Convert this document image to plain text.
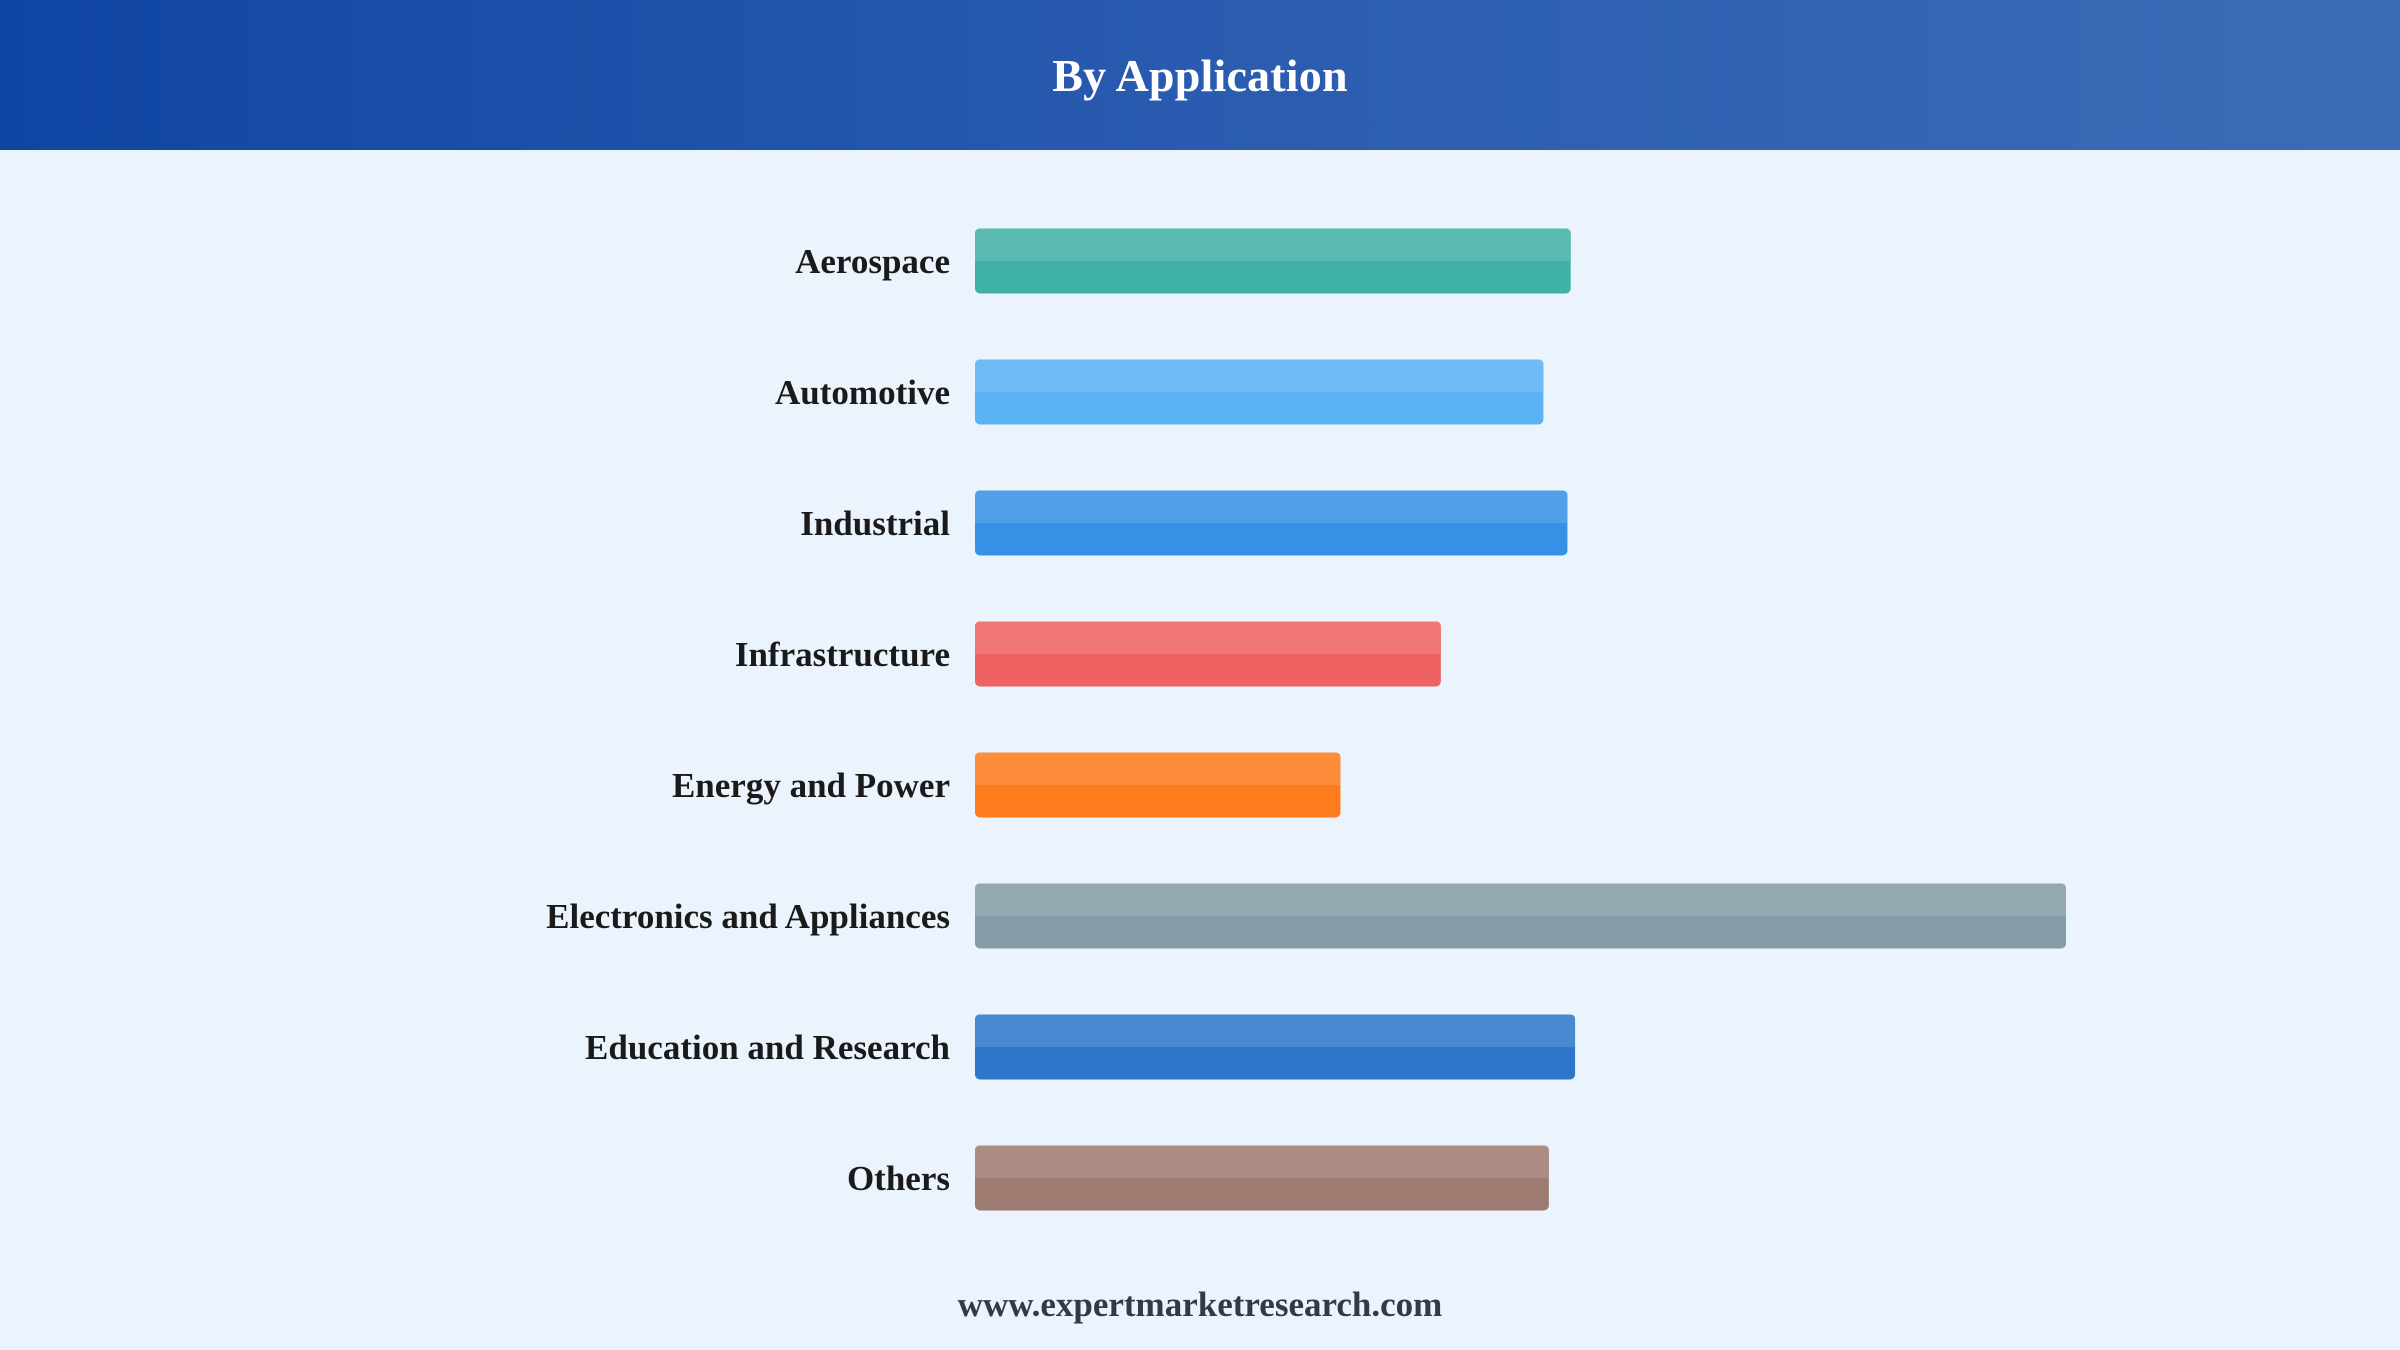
By Application
Aerospace
Automotive
Industrial
Infrastructure
Energy and Power
Electronics and Appliances
Education and Research
Others
www.expertmarketresearch.com
